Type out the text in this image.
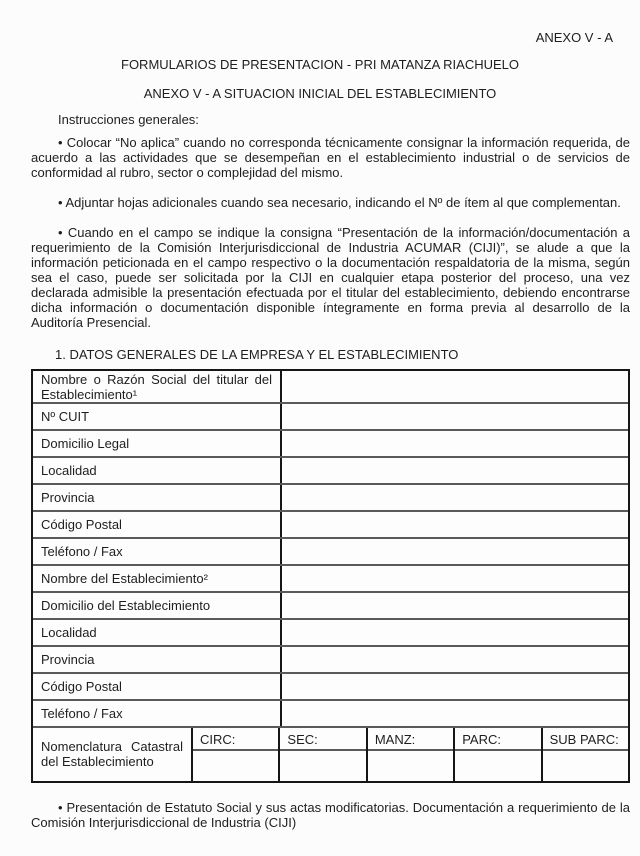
ANEXO V - A
FORMULARIOS DE PRESENTACION - PRI MATANZA RIACHUELO
ANEXO V - A SITUACION INICIAL DEL ESTABLECIMIENTO
Instrucciones generales:

• Colocar “No aplica” cuando no corresponda técnicamente consignar la información requerida, de acuerdo a las actividades que se desempeñan en el establecimiento industrial o de servicios de conformidad al rubro, sector o complejidad del mismo.

• Adjuntar hojas adicionales cuando sea necesario, indicando el Nº de ítem al que complementan.

• Cuando en el campo se indique la consigna “Presentación de la información/documentación a requerimiento de la Comisión Interjurisdiccional de Industria ACUMAR (CIJI)”, se alude a que la información peticionada en el campo respectivo o la documentación respaldatoria de la misma, según sea el caso, puede ser solicitada por la CIJI en cualquier etapa posterior del proceso, una vez declarada admisible la presentación efectuada por el titular del establecimiento, debiendo encontrarse dicha información o documentación disponible íntegramente en forma previa al desarrollo de la Auditoría Presencial.

1. DATOS GENERALES DE LA EMPRESA Y EL ESTABLECIMIENTO
Nombre o Razón Social del titular del Establecimiento¹
Nº CUIT
Domicilio Legal
Localidad
Provincia
Código Postal
Teléfono / Fax
Nombre del Establecimiento²
Domicilio del Establecimiento
Localidad
Provincia
Código Postal
Teléfono / Fax
Nomenclatura Catastral del Establecimiento
CIRC:	SEC:	MANZ:	PARC:	SUB PARC:

• Presentación de Estatuto Social y sus actas modificatorias. Documentación a requerimiento de la Comisión Interjurisdiccional de Industria (CIJI)
